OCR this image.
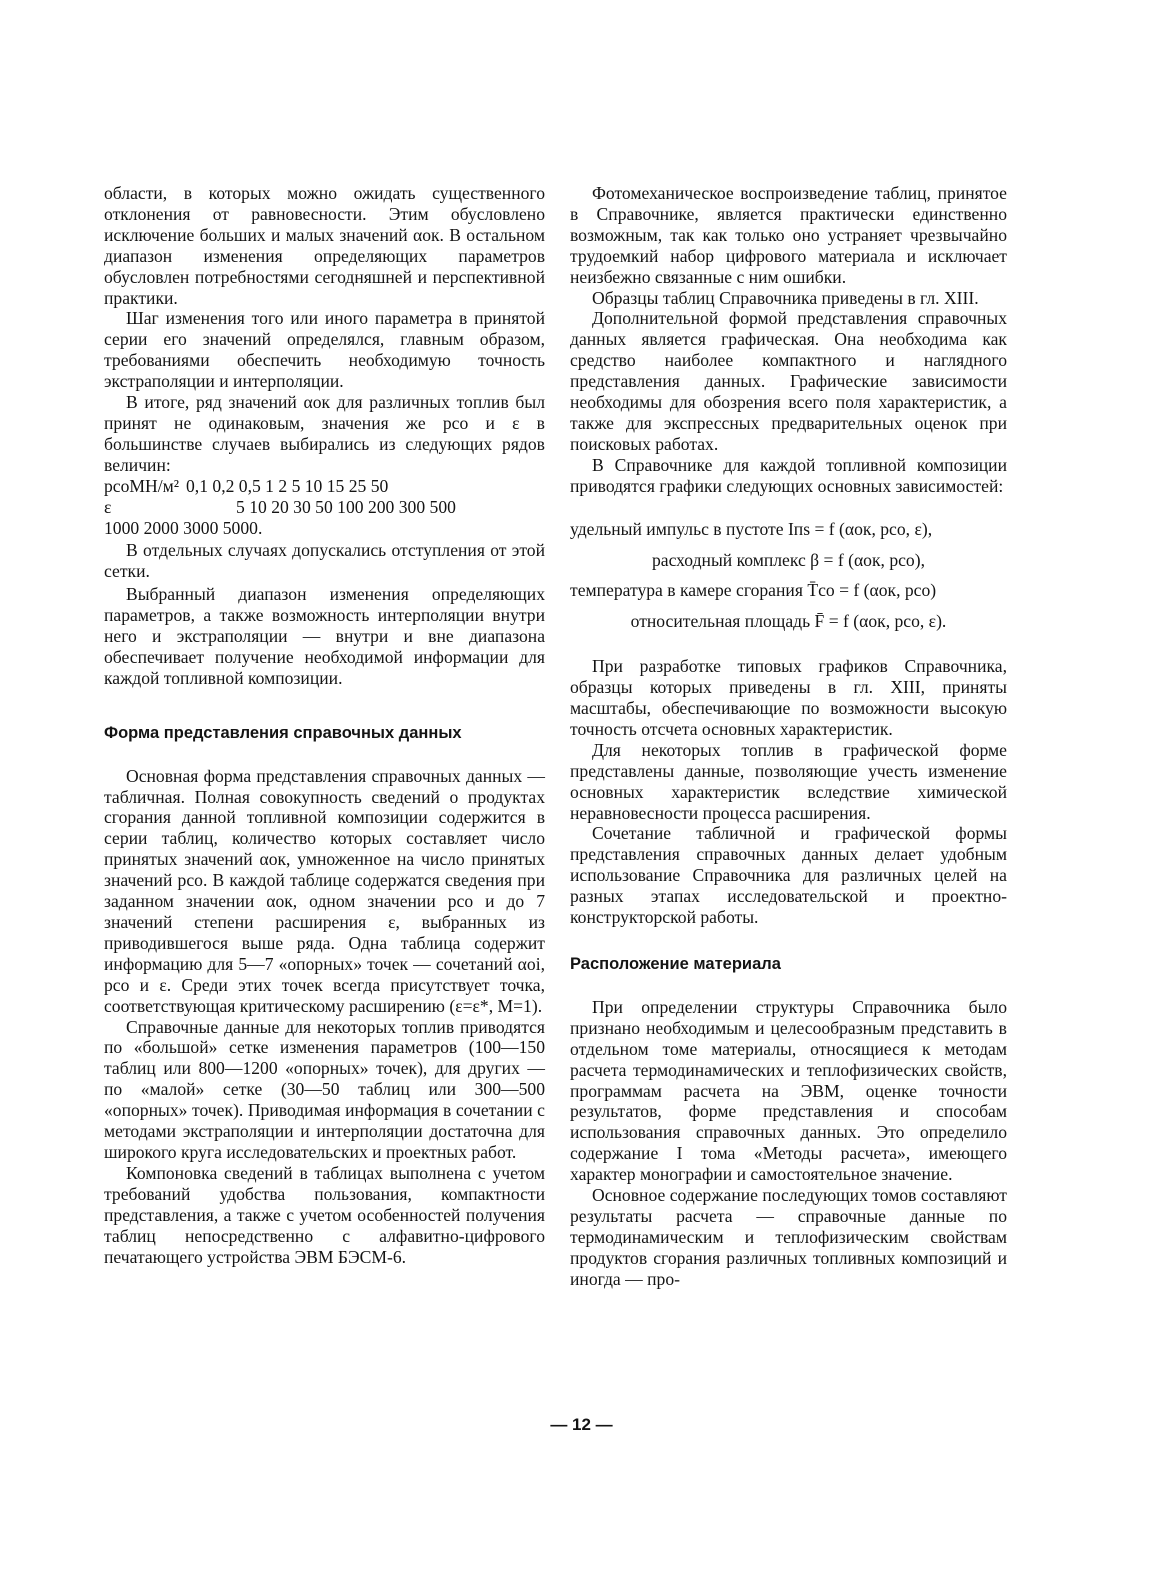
области, в которых можно ожидать существенного отклонения от равновесности. Этим обусловлено исключение больших и малых значений αок. В остальном диапазон изменения определяющих параметров обусловлен потребностями сегодняшней и перспективной практики.

Шаг изменения того или иного параметра в принятой серии его значений определялся, главным образом, требованиями обеспечить необходимую точность экстраполяции и интерполяции.

В итоге, ряд значений αок для различных топлив был принят не одинаковым, значения же pсо и ε в большинстве случаев выбирались из следующих рядов величин:

pсоМН/м² 0,1 0,2 0,5 1 2 5 10 15 25 50
ε	5 10 20 30 50 100 200 300 500
1000 2000 3000 5000.

В отдельных случаях допускались отступления от этой сетки.

Выбранный диапазон изменения определяющих параметров, а также возможность интерполяции внутри него и экстраполяции — внутри и вне диапазона обеспечивает получение необходимой информации для каждой топливной композиции.

Форма представления справочных данных

Основная форма представления справочных данных — табличная. Полная совокупность сведений о продуктах сгорания данной топливной композиции содержится в серии таблиц, количество которых составляет число принятых значений αок, умноженное на число принятых значений pсо. В каждой таблице содержатся сведения при заданном значении αок, одном значении pсо и до 7 значений степени расширения ε, выбранных из приводившегося выше ряда. Одна таблица содержит информацию для 5—7 «опорных» точек — сочетаний αоi, pсо и ε. Среди этих точек всегда присутствует точка, соответствующая критическому расширению (ε=ε*, M=1).

Справочные данные для некоторых топлив приводятся по «большой» сетке изменения параметров (100—150 таблиц или 800—1200 «опорных» точек), для других — по «малой» сетке (30—50 таблиц или 300—500 «опорных» точек). Приводимая информация в сочетании с методами экстраполяции и интерполяции достаточна для широкого круга исследовательских и проектных работ.

Компоновка сведений в таблицах выполнена с учетом требований удобства пользования, компактности представления, а также с учетом особенностей получения таблиц непосредственно с алфавитно-цифрового печатающего устройства ЭВМ БЭСМ-6.

Фотомеханическое воспроизведение таблиц, принятое в Справочнике, является практически единственно возможным, так как только оно устраняет чрезвычайно трудоемкий набор цифрового материала и исключает неизбежно связанные с ним ошибки.

Образцы таблиц Справочника приведены в гл. XIII.

Дополнительной формой представления справочных данных является графическая. Она необходима как средство наиболее компактного и наглядного представления данных. Графические зависимости необходимы для обозрения всего поля характеристик, а также для экспрессных предварительных оценок при поисковых работах.

В Справочнике для каждой топливной композиции приводятся графики следующих основных зависимостей:

удельный импульс в пустоте Iпs = f (αок, pсо, ε),
расходный комплекс β = f (αок, pсо),
температура в камере сгорания T̄со = f (αок, pсо)
относительная площадь F̄ = f (αок, pсо, ε).

При разработке типовых графиков Справочника, образцы которых приведены в гл. XIII, приняты масштабы, обеспечивающие по возможности высокую точность отсчета основных характеристик.

Для некоторых топлив в графической форме представлены данные, позволяющие учесть изменение основных характеристик вследствие химической неравновесности процесса расширения.

Сочетание табличной и графической формы представления справочных данных делает удобным использование Справочника для различных целей на разных этапах исследовательской и проектно-конструкторской работы.

Расположение материала

При определении структуры Справочника было признано необходимым и целесообразным представить в отдельном томе материалы, относящиеся к методам расчета термодинамических и теплофизических свойств, программам расчета на ЭВМ, оценке точности результатов, форме представления и способам использования справочных данных. Это определило содержание I тома «Методы расчета», имеющего характер монографии и самостоятельное значение.

Основное содержание последующих томов составляют результаты расчета — справочные данные по термодинамическим и теплофизическим свойствам продуктов сгорания различных топливных композиций и иногда — про-

— 12 —
